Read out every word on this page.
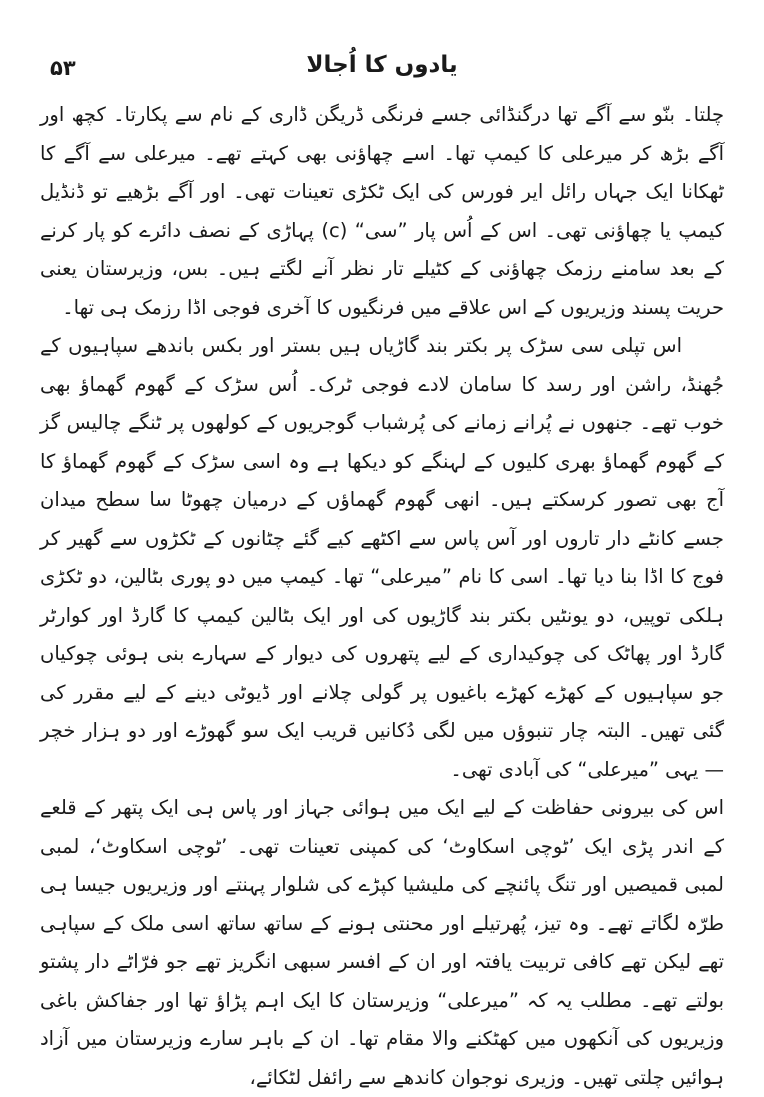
۵۳	یادوں کا اُجالا

چلتا۔ بنّو سے آگے تھا درگنڈائی جسے فرنگی ڈریگن ڈاری کے نام سے پکارتا۔ کچھ اور آگے بڑھ کر میرعلی کا کیمپ تھا۔ اسے چھاؤنی بھی کہتے تھے۔ میرعلی سے آگے کا ٹھکانا ایک جہاں رائل ایر فورس کی ایک ٹکڑی تعینات تھی۔ اور آگے بڑھیے تو ڈنڈیل کیمپ یا چھاؤنی تھی۔ اس کے اُس پار ”سی“ (c) پہاڑی کے نصف دائرے کو پار کرنے کے بعد سامنے رزمک چھاؤنی کے کٹیلے تار نظر آنے لگتے ہیں۔ بس، وزیرستان یعنی حریت پسند وزیریوں کے اس علاقے میں فرنگیوں کا آخری فوجی اڈا رزمک ہی تھا۔

اس تپلی سی سڑک پر بکتر بند گاڑیاں ہیں بستر اور بکس باندھے سپاہیوں کے جُھنڈ، راشن اور رسد کا سامان لادے فوجی ٹرک۔ اُس سڑک کے گھوم گھماؤ بھی خوب تھے۔ جنھوں نے پُرانے زمانے کی پُرشباب گوجریوں کے کولھوں پر ٹنگے چالیس گز کے گھوم گھماؤ بھری کلیوں کے لہنگے کو دیکھا ہے وہ اسی سڑک کے گھوم گھماؤ کا آج بھی تصور کرسکتے ہیں۔ انھی گھوم گھماؤں کے درمیان چھوٹا سا سطح میدان جسے کانٹے دار تاروں اور آس پاس سے اکٹھے کیے گئے چٹانوں کے ٹکڑوں سے گھیر کر فوج کا اڈا بنا دیا تھا۔ اسی کا نام ”میرعلی“ تھا۔ کیمپ میں دو پوری بٹالین، دو ٹکڑی ہلکی توپیں، دو یونٹیں بکتر بند گاڑیوں کی اور ایک بٹالین کیمپ کا گارڈ اور کوارٹر گارڈ اور پھاٹک کی چوکیداری کے لیے پتھروں کی دیوار کے سہارے بنی ہوئی چوکیاں جو سپاہیوں کے کھڑے کھڑے باغیوں پر گولی چلانے اور ڈیوٹی دینے کے لیے مقرر کی گئی تھیں۔ البتہ چار تنبوؤں میں لگی دُکانیں قریب ایک سو گھوڑے اور دو ہزار خچر — یہی ”میرعلی“ کی آبادی تھی۔

اس کی بیرونی حفاظت کے لیے ایک میں ہوائی جہاز اور پاس ہی ایک پتھر کے قلعے کے اندر پڑی ایک ’ٹوچی اسکاوٹ‘ کی کمپنی تعینات تھی۔ ’ٹوچی اسکاوٹ‘، لمبی لمبی قمیصیں اور تنگ پائنچے کی ملیشیا کپڑے کی شلوار پہنتے اور وزیریوں جیسا ہی طرّہ لگاتے تھے۔ وہ تیز، پُھرتیلے اور محنتی ہونے کے ساتھ ساتھ اسی ملک کے سپاہی تھے لیکن تھے کافی تربیت یافتہ اور ان کے افسر سبھی انگریز تھے جو فرّاٹے دار پشتو بولتے تھے۔ مطلب یہ کہ ”میرعلی“ وزیرستان کا ایک اہم پڑاؤ تھا اور جفاکش باغی وزیریوں کی آنکھوں میں کھٹکنے والا مقام تھا۔ ان کے باہر سارے وزیرستان میں آزاد ہوائیں چلتی تھیں۔ وزیری نوجوان کاندھے سے رائفل لٹکائے،
